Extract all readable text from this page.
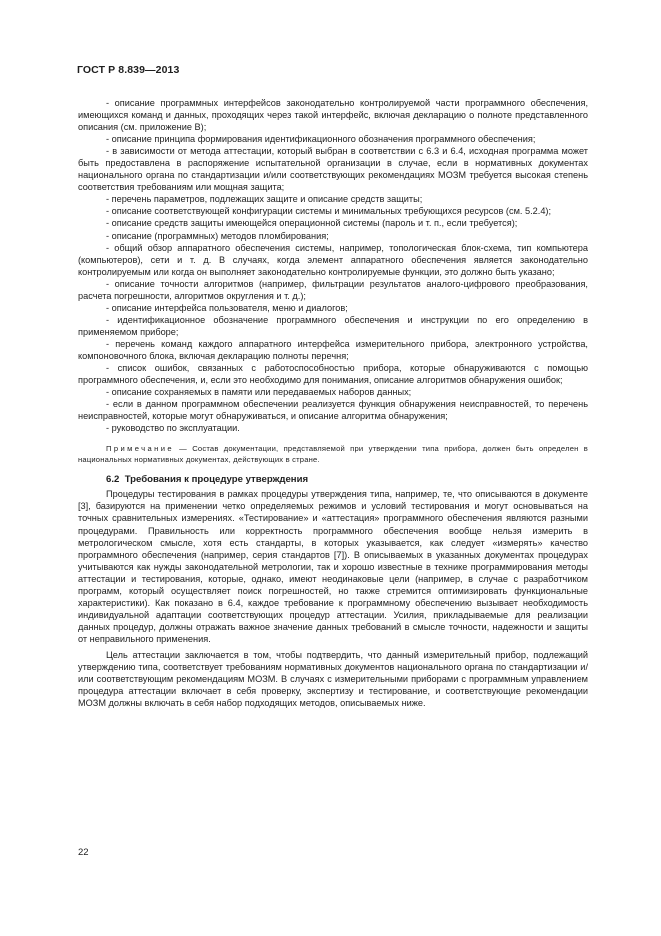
ГОСТ Р 8.839—2013

- описание программных интерфейсов законодательно контролируемой части программного обеспечения, имеющихся команд и данных, проходящих через такой интерфейс, включая декларацию о полноте представленного описания (см. приложение В);

- описание принципа формирования идентификационного обозначения программного обеспечения;

- в зависимости от метода аттестации, который выбран в соответствии с 6.3 и 6.4, исходная программа может быть предоставлена в распоряжение испытательной организации в случае, если в нормативных документах национального органа по стандартизации и/или соответствующих рекомендациях МОЗМ требуется высокая степень соответствия требованиям или мощная защита;

- перечень параметров, подлежащих защите и описание средств защиты;

- описание соответствующей конфигурации системы и минимальных требующихся ресурсов (см. 5.2.4);

- описание средств защиты имеющейся операционной системы (пароль и т. п., если требуется);

- описание (программных) методов пломбирования;

- общий обзор аппаратного обеспечения системы, например, топологическая блок-схема, тип компьютера (компьютеров), сети и т. д. В случаях, когда элемент аппаратного обеспечения является законодательно контролируемым или когда он выполняет законодательно контролируемые функции, это должно быть указано;

- описание точности алгоритмов (например, фильтрации результатов аналого-цифрового преобразования, расчета погрешности, алгоритмов округления и т. д.);

- описание интерфейса пользователя, меню и диалогов;

- идентификационное обозначение программного обеспечения и инструкции по его определению в применяемом приборе;

- перечень команд каждого аппаратного интерфейса измерительного прибора, электронного устройства, компоновочного блока, включая декларацию полноты перечня;

- список ошибок, связанных с работоспособностью прибора, которые обнаруживаются с помощью программного обеспечения, и, если это необходимо для понимания, описание алгоритмов обнаружения ошибок;

- описание сохраняемых в памяти или передаваемых наборов данных;

- если в данном программном обеспечении реализуется функция обнаружения неисправностей, то перечень неисправностей, которые могут обнаруживаться, и описание алгоритма обнаружения;

- руководство по эксплуатации.

Примечание — Состав документации, представляемой при утверждении типа прибора, должен быть определен в национальных нормативных документах, действующих в стране.
6.2 Требования к процедуре утверждения

Процедуры тестирования в рамках процедуры утверждения типа, например, те, что описываются в документе [3], базируются на применении четко определяемых режимов и условий тестирования и могут основываться на точных сравнительных измерениях. «Тестирование» и «аттестация» программного обеспечения являются разными процедурами. Правильность или корректность программного обеспечения вообще нельзя измерить в метрологическом смысле, хотя есть стандарты, в которых указывается, как следует «измерять» качество программного обеспечения (например, серия стандартов [7]). В описываемых в указанных документах процедурах учитываются как нужды законодательной метрологии, так и хорошо известные в технике программирования методы аттестации и тестирования, которые, однако, имеют неодинаковые цели (например, в случае с разработчиком программ, который осуществляет поиск погрешностей, но также стремится оптимизировать функциональные характеристики). Как показано в 6.4, каждое требование к программному обеспечению вызывает необходимость индивидуальной адаптации соответствующих процедур аттестации. Усилия, прикладываемые для реализации данных процедур, должны отражать важное значение данных требований в смысле точности, надежности и защиты от неправильного применения.

Цель аттестации заключается в том, чтобы подтвердить, что данный измерительный прибор, подлежащий утверждению типа, соответствует требованиям нормативных документов национального органа по стандартизации и/или соответствующим рекомендациям МОЗМ. В случаях с измерительными приборами с программным управлением процедура аттестации включает в себя проверку, экспертизу и тестирование, и соответствующие рекомендации МОЗМ должны включать в себя набор подходящих методов, описываемых ниже.

22
